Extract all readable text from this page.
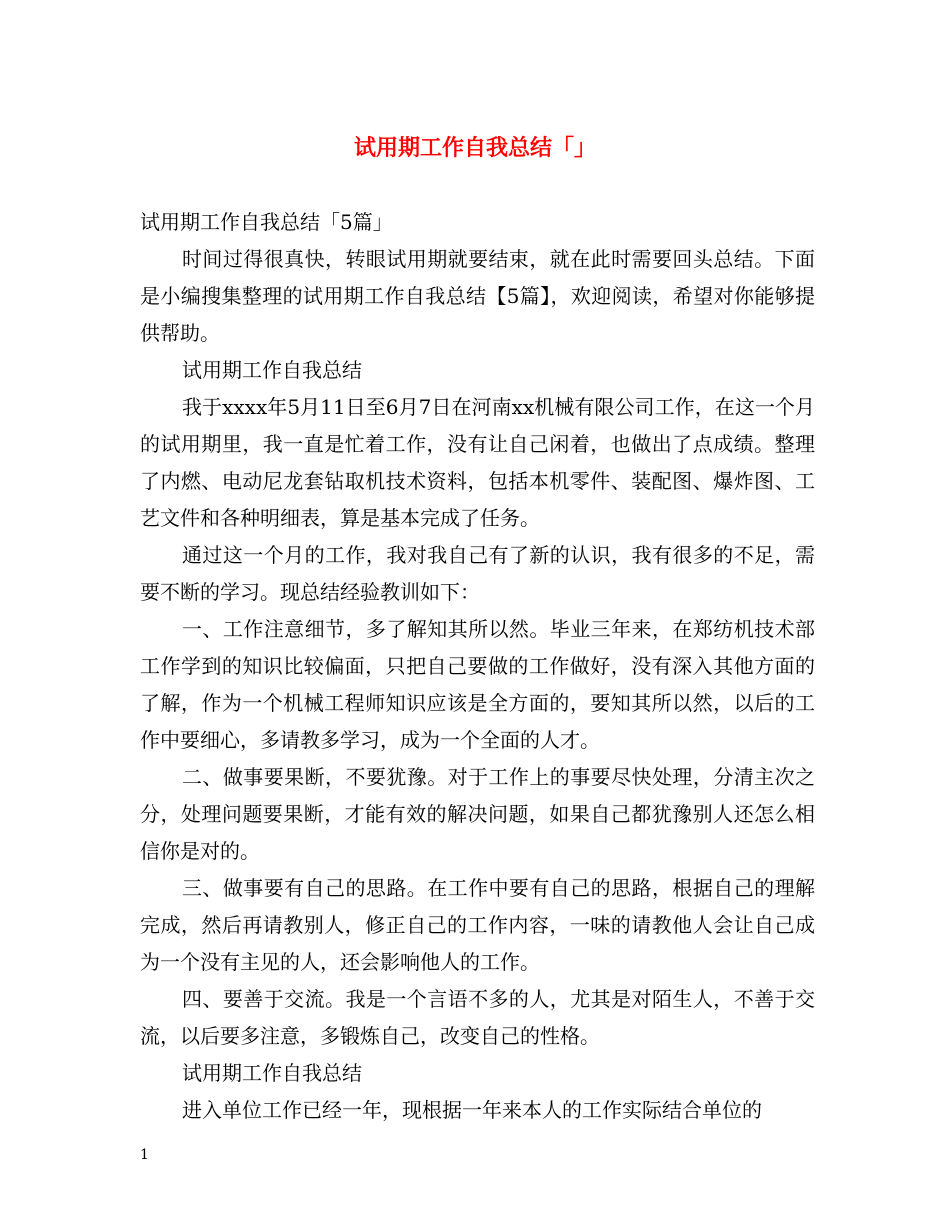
试用期工作自我总结「」

试用期工作自我总结「5篇」

时间过得很真快，转眼试用期就要结束，就在此时需要回头总结。下面是小编搜集整理的试用期工作自我总结【5篇】，欢迎阅读，希望对你能够提供帮助。

试用期工作自我总结

我于xxxx年5月11日至6月7日在河南xx机械有限公司工作，在这一个月的试用期里，我一直是忙着工作，没有让自己闲着，也做出了点成绩。整理了内燃、电动尼龙套钻取机技术资料，包括本机零件、装配图、爆炸图、工艺文件和各种明细表，算是基本完成了任务。

通过这一个月的工作，我对我自己有了新的认识，我有很多的不足，需要不断的学习。现总结经验教训如下：

一、工作注意细节，多了解知其所以然。毕业三年来，在郑纺机技术部工作学到的知识比较偏面，只把自己要做的工作做好，没有深入其他方面的了解，作为一个机械工程师知识应该是全方面的，要知其所以然，以后的工作中要细心，多请教多学习，成为一个全面的人才。

二、做事要果断，不要犹豫。对于工作上的事要尽快处理，分清主次之分，处理问题要果断，才能有效的解决问题，如果自己都犹豫别人还怎么相信你是对的。

三、做事要有自己的思路。在工作中要有自己的思路，根据自己的理解完成，然后再请教别人，修正自己的工作内容，一味的请教他人会让自己成为一个没有主见的人，还会影响他人的工作。

四、要善于交流。我是一个言语不多的人，尤其是对陌生人，不善于交流，以后要多注意，多锻炼自己，改变自己的性格。

试用期工作自我总结

进入单位工作已经一年，现根据一年来本人的工作实际结合单位的

1
